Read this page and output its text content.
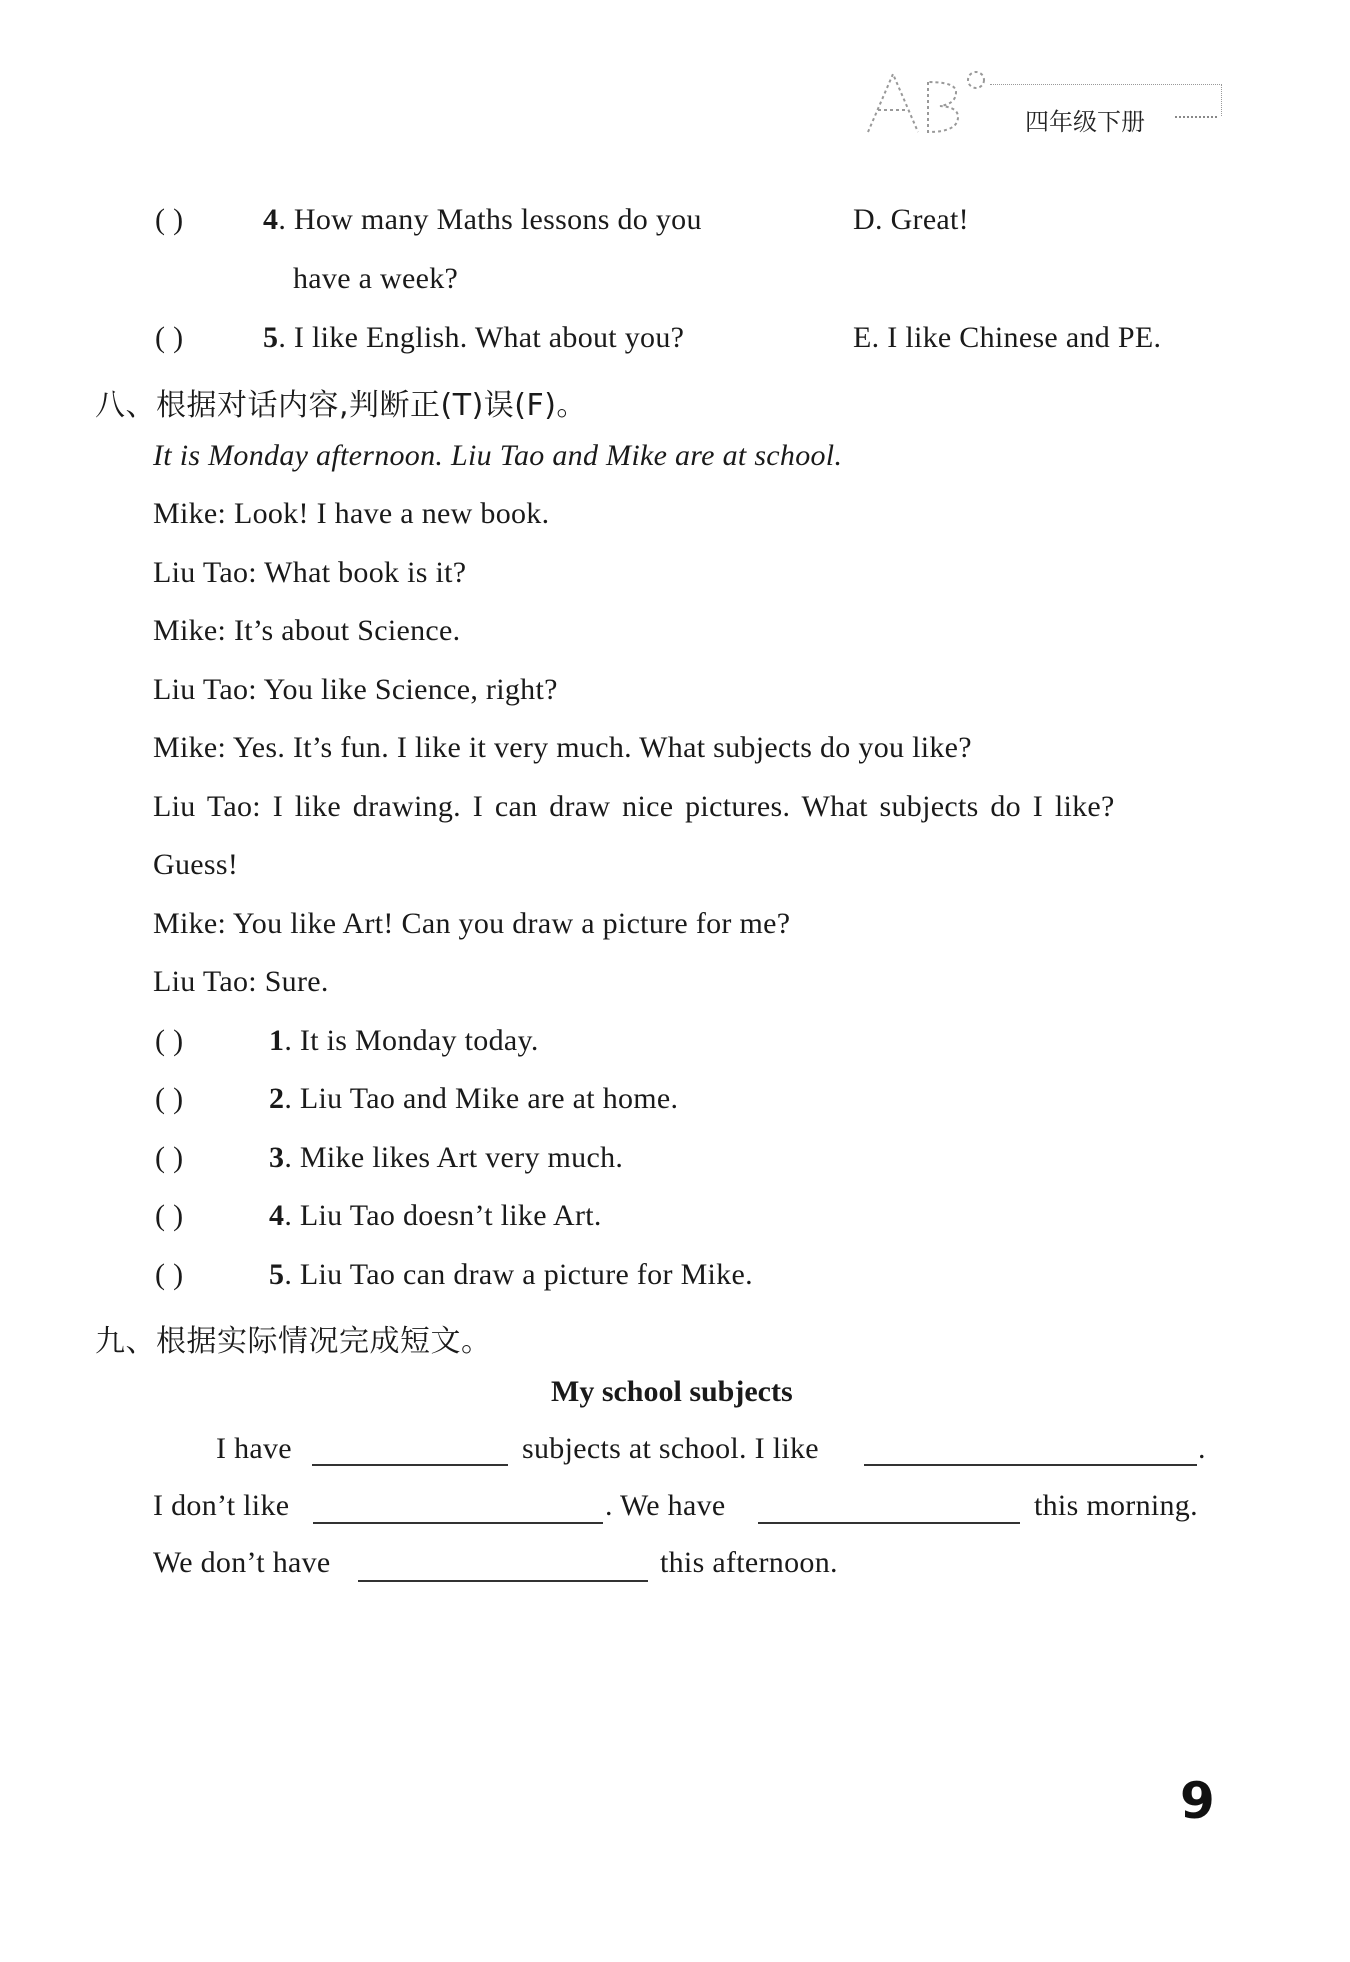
四年级下册
( )	4. How many Maths lessons do you	D. Great!
have a week?
( )	5. I like English. What about you?	E. I like Chinese and PE.
八、根据对话内容,判断正(T)误(F)。
It is Monday afternoon. Liu Tao and Mike are at school.
Mike: Look! I have a new book.
Liu Tao: What book is it?
Mike: It’s about Science.
Liu Tao: You like Science, right?
Mike: Yes. It’s fun. I like it very much. What subjects do you like?
Liu Tao: I like drawing. I can draw nice pictures. What subjects do I like?
Guess!
Mike: You like Art! Can you draw a picture for me?
Liu Tao: Sure.
( )	1. It is Monday today.
( )	2. Liu Tao and Mike are at home.
( )	3. Mike likes Art very much.
( )	4. Liu Tao doesn’t like Art.
( )	5. Liu Tao can draw a picture for Mike.
九、根据实际情况完成短文。
My school subjects
I have	subjects at school. I like	.
I don’t like	. We have	this morning.
We don’t have	this afternoon.
9
